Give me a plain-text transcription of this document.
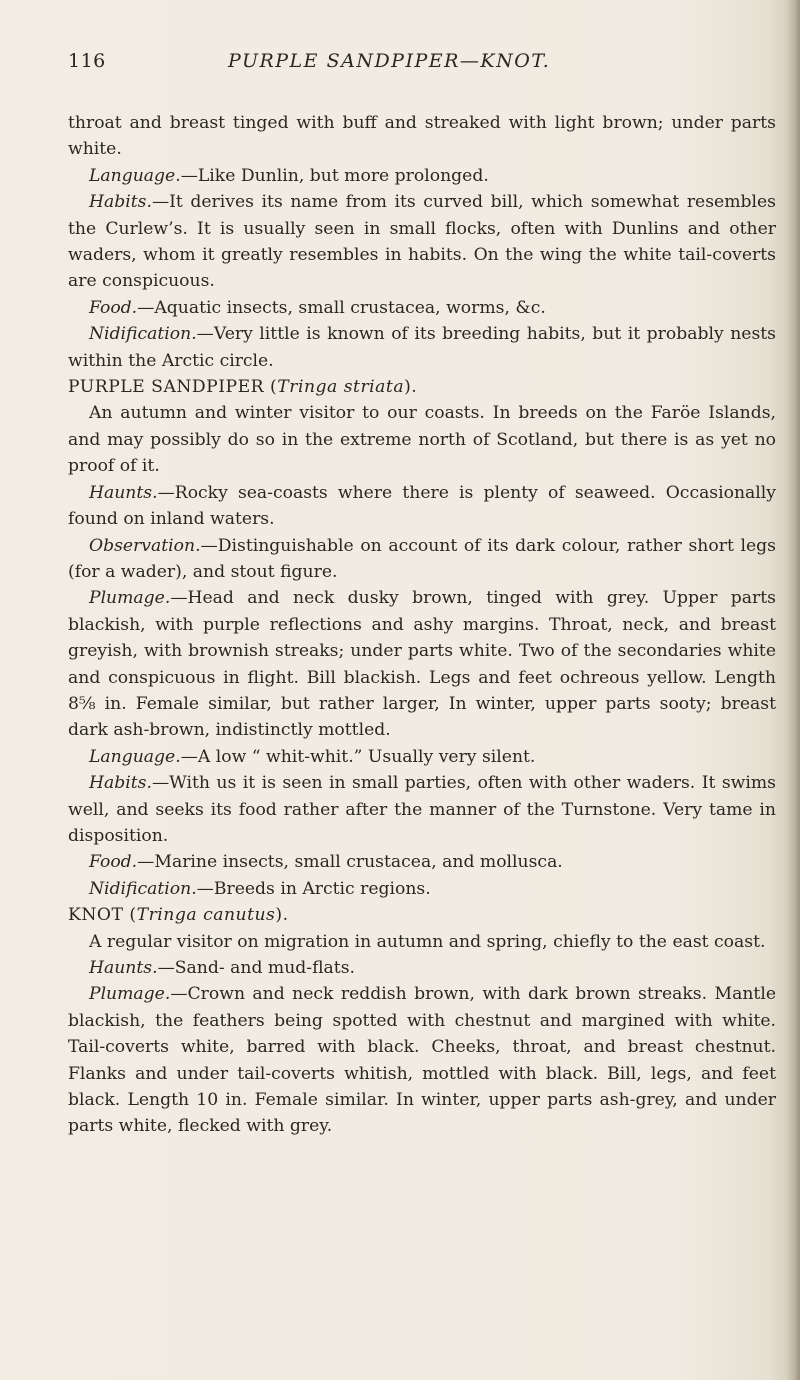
116	PURPLE SANDPIPER—KNOT.

throat and breast tinged with buff and streaked with light brown; under parts white.

Language.—Like Dunlin, but more prolonged.

Habits.—It derives its name from its curved bill, which somewhat resembles the Curlew’s. It is usually seen in small flocks, often with Dunlins and other waders, whom it greatly resembles in habits. On the wing the white tail-coverts are conspicuous.

Food.—Aquatic insects, small crustacea, worms, &c.

Nidification.—Very little is known of its breeding habits, but it probably nests within the Arctic circle.

PURPLE SANDPIPER (Tringa striata).

An autumn and winter visitor to our coasts. In breeds on the Faröe Islands, and may possibly do so in the extreme north of Scotland, but there is as yet no proof of it.

Haunts.—Rocky sea-coasts where there is plenty of seaweed. Occasionally found on inland waters.

Observation.—Distinguishable on account of its dark colour, rather short legs (for a wader), and stout figure.

Plumage.—Head and neck dusky brown, tinged with grey. Upper parts blackish, with purple reflections and ashy margins. Throat, neck, and breast greyish, with brownish streaks; under parts white. Two of the secondaries white and conspicuous in flight. Bill blackish. Legs and feet ochreous yellow. Length 8⅝ in. Female similar, but rather larger, In winter, upper parts sooty; breast dark ash-brown, indistinctly mottled.

Language.—A low “ whit-whit.” Usually very silent.

Habits.—With us it is seen in small parties, often with other waders. It swims well, and seeks its food rather after the manner of the Turnstone. Very tame in disposition.

Food.—Marine insects, small crustacea, and mollusca.

Nidification.—Breeds in Arctic regions.

KNOT (Tringa canutus).

A regular visitor on migration in autumn and spring, chiefly to the east coast.

Haunts.—Sand- and mud-flats.

Plumage.—Crown and neck reddish brown, with dark brown streaks. Mantle blackish, the feathers being spotted with chestnut and margined with white. Tail-coverts white, barred with black. Cheeks, throat, and breast chestnut. Flanks and under tail-coverts whitish, mottled with black. Bill, legs, and feet black. Length 10 in. Female similar. In winter, upper parts ash-grey, and under parts white, flecked with grey.
